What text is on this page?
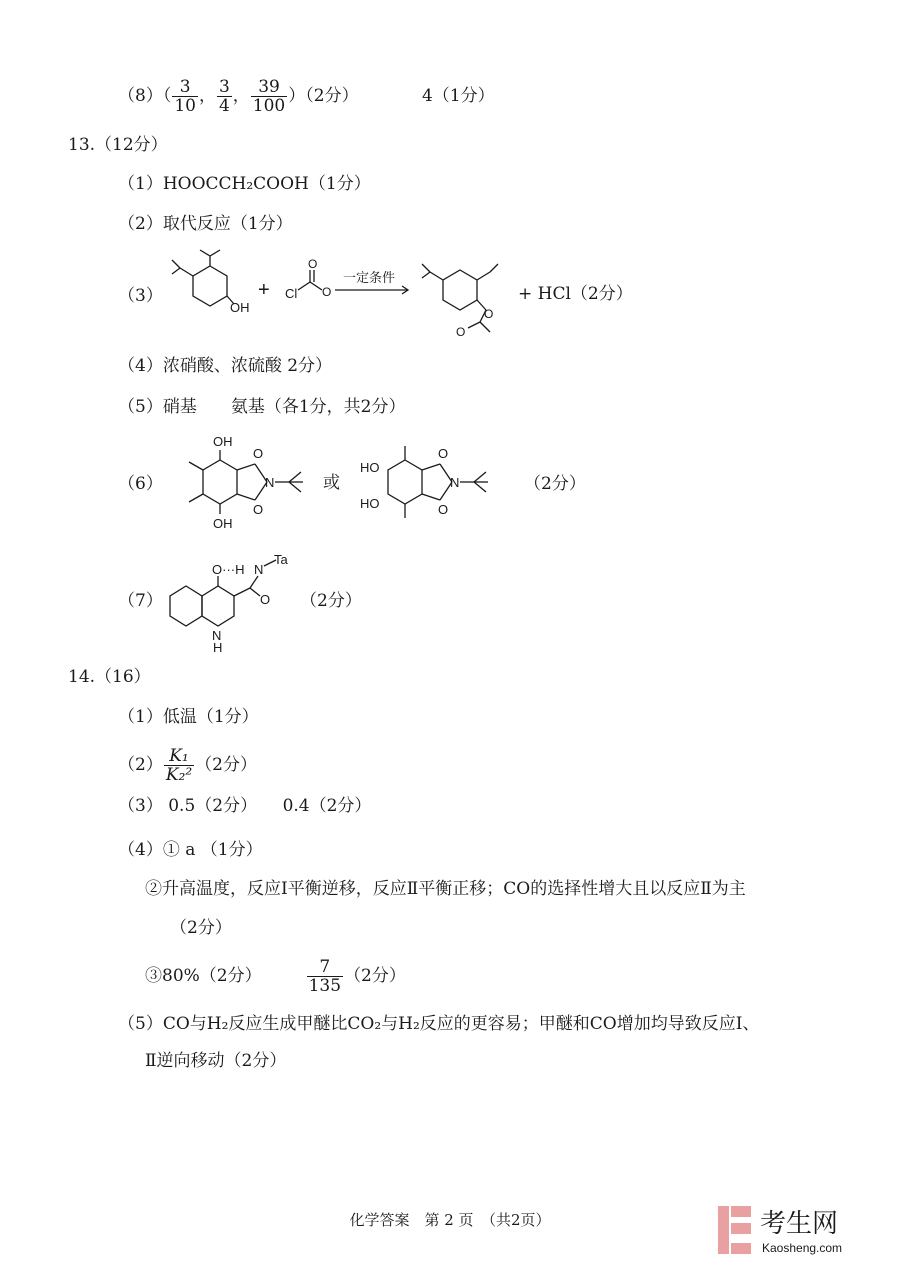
$(8)( \frac{3}{10}$ ， $\frac{3}{4}$ ， $\frac{39}{100} )(2$分）	4（1分）
13.（12分）
（1）HOOCCH₂COOH（1分）
（2）取代反应（1分）
（3）
OH
+ Cl
O
O
一定条件
O
O
+ HCl（2分）
（4）浓硝酸、浓硫酸 2分）
（5）硝基　　氨基（各1分，共2分）
（6）
OH
OH
O
O
N	或
HO
HO
O
O
N	（2分）
（7）
O···H N
Ta
O
N
H
（2分）
14.（16）
（1）低温（1分）
$(2) \frac{\text{K₁}}{\text{K₂²}} (2$分）
（3） 0.5（2分）　　0.4（2分）
（4）① a （1分）
②升高温度，反应Ⅰ平衡逆移，反应Ⅱ平衡正移；CO的选择性增大且以反应Ⅱ为主
（2分）
③80%（2分）	$\frac{7}{135} (2$分）
（5）CO与H₂反应生成甲醚比CO₂与H₂反应的更容易；甲醚和CO增加均导致反应Ⅰ、
Ⅱ逆向移动（2分）
化学答案　第 2 页　（共2页）	考生网
Kaosheng.com
